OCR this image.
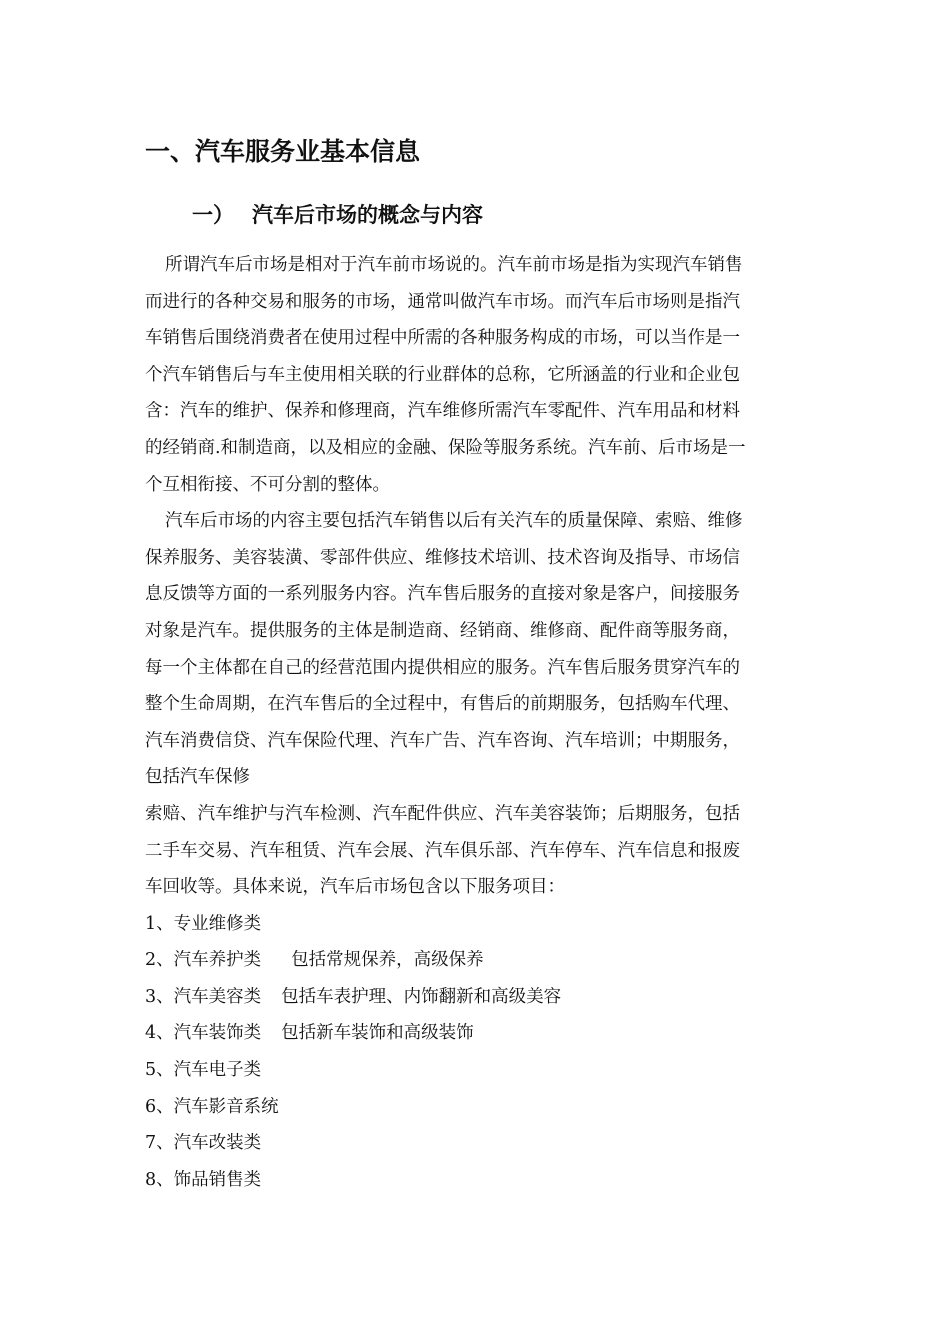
一、汽车服务业基本信息
一） 汽车后市场的概念与内容
所谓汽车后市场是相对于汽车前市场说的。汽车前市场是指为实现汽车销售
而进行的各种交易和服务的市场，通常叫做汽车市场。而汽车后市场则是指汽
车销售后围绕消费者在使用过程中所需的各种服务构成的市场，可以当作是一
个汽车销售后与车主使用相关联的行业群体的总称，它所涵盖的行业和企业包
含：汽车的维护、保养和修理商，汽车维修所需汽车零配件、汽车用品和材料
的经销商.和制造商，以及相应的金融、保险等服务系统。汽车前、后市场是一
个互相衔接、不可分割的整体。
汽车后市场的内容主要包括汽车销售以后有关汽车的质量保障、索赔、维修
保养服务、美容装潢、零部件供应、维修技术培训、技术咨询及指导、市场信
息反馈等方面的一系列服务内容。汽车售后服务的直接对象是客户，间接服务
对象是汽车。提供服务的主体是制造商、经销商、维修商、配件商等服务商，
每一个主体都在自己的经营范围内提供相应的服务。汽车售后服务贯穿汽车的
整个生命周期，在汽车售后的全过程中，有售后的前期服务，包括购车代理、
汽车消费信贷、汽车保险代理、汽车广告、汽车咨询、汽车培训；中期服务，
包括汽车保修
索赔、汽车维护与汽车检测、汽车配件供应、汽车美容装饰；后期服务，包括
二手车交易、汽车租赁、汽车会展、汽车俱乐部、汽车停车、汽车信息和报废
车回收等。具体来说，汽车后市场包含以下服务项目：
1、专业维修类
2、汽车养护类 包括常规保养，高级保养
3、汽车美容类 包括车表护理、内饰翻新和高级美容
4、汽车装饰类 包括新车装饰和高级装饰
5、汽车电子类
6、汽车影音系统
7、汽车改装类
8、饰品销售类
